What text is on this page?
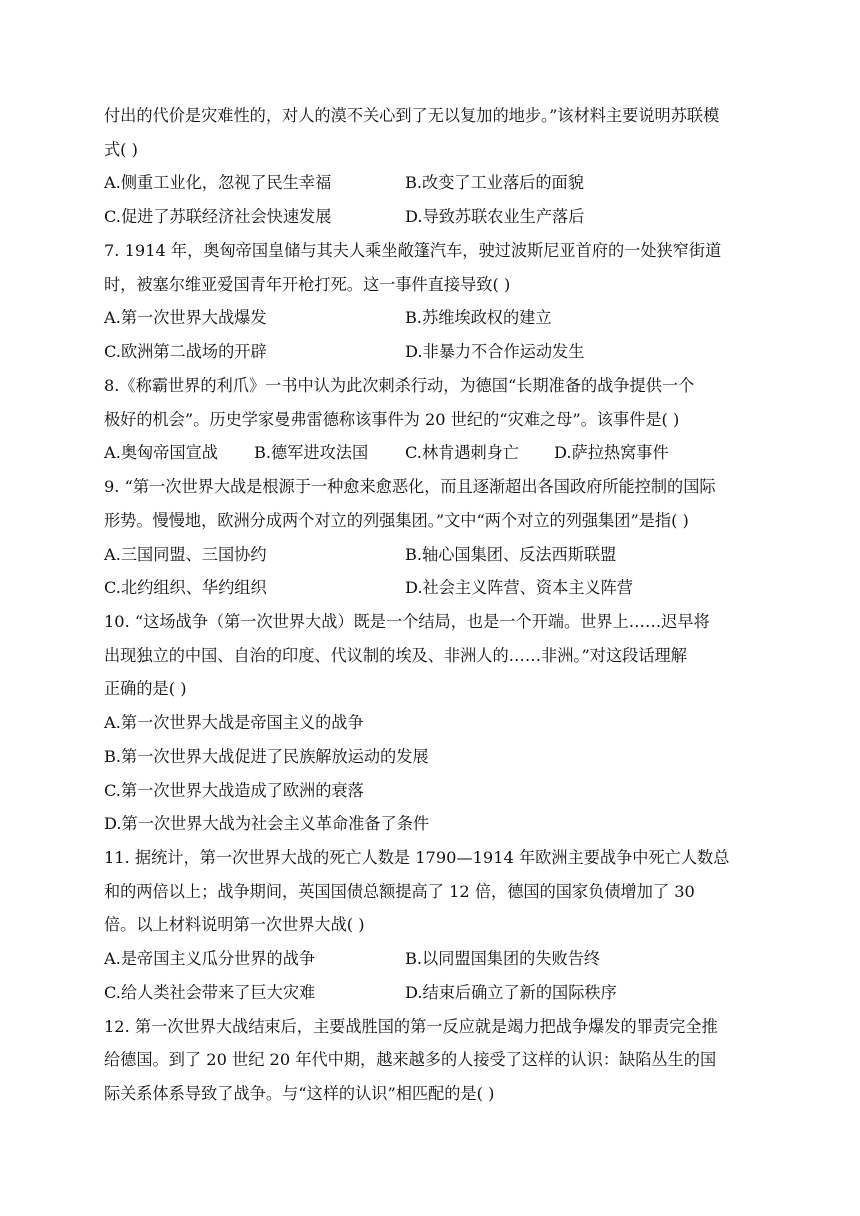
付出的代价是灾难性的，对人的漠不关心到了无以复加的地步。”该材料主要说明苏联模
式( )
A.侧重工业化，忽视了民生幸福	B.改变了工业落后的面貌
C.促进了苏联经济社会快速发展	D.导致苏联农业生产落后
7. 1914 年，奥匈帝国皇储与其夫人乘坐敞篷汽车，驶过波斯尼亚首府的一处狭窄街道
时，被塞尔维亚爱国青年开枪打死。这一事件直接导致( )
A.第一次世界大战爆发	B.苏维埃政权的建立
C.欧洲第二战场的开辟	D.非暴力不合作运动发生
8.《称霸世界的利爪》一书中认为此次刺杀行动，为德国“长期准备的战争提供一个
极好的机会”。历史学家曼弗雷德称该事件为 20 世纪的“灾难之母”。该事件是( )
A.奥匈帝国宣战 B.德军进攻法国 C.林肯遇刺身亡 D.萨拉热窝事件
9. “第一次世界大战是根源于一种愈来愈恶化，而且逐渐超出各国政府所能控制的国际
形势。慢慢地，欧洲分成两个对立的列强集团。”文中“两个对立的列强集团”是指( )
A.三国同盟、三国协约	B.轴心国集团、反法西斯联盟
C.北约组织、华约组织	D.社会主义阵营、资本主义阵营
10. “这场战争（第一次世界大战）既是一个结局，也是一个开端。世界上……迟早将
出现独立的中国、自治的印度、代议制的埃及、非洲人的……非洲。”对这段话理解
正确的是( )
A.第一次世界大战是帝国主义的战争
B.第一次世界大战促进了民族解放运动的发展
C.第一次世界大战造成了欧洲的衰落
D.第一次世界大战为社会主义革命准备了条件
11. 据统计，第一次世界大战的死亡人数是 1790—1914 年欧洲主要战争中死亡人数总
和的两倍以上；战争期间，英国国债总额提高了 12 倍，德国的国家负债增加了 30
倍。以上材料说明第一次世界大战( )
A.是帝国主义瓜分世界的战争	B.以同盟国集团的失败告终
C.给人类社会带来了巨大灾难	D.结束后确立了新的国际秩序
12. 第一次世界大战结束后，主要战胜国的第一反应就是竭力把战争爆发的罪责完全推
给德国。到了 20 世纪 20 年代中期，越来越多的人接受了这样的认识：缺陷丛生的国
际关系体系导致了战争。与“这样的认识”相匹配的是( )
